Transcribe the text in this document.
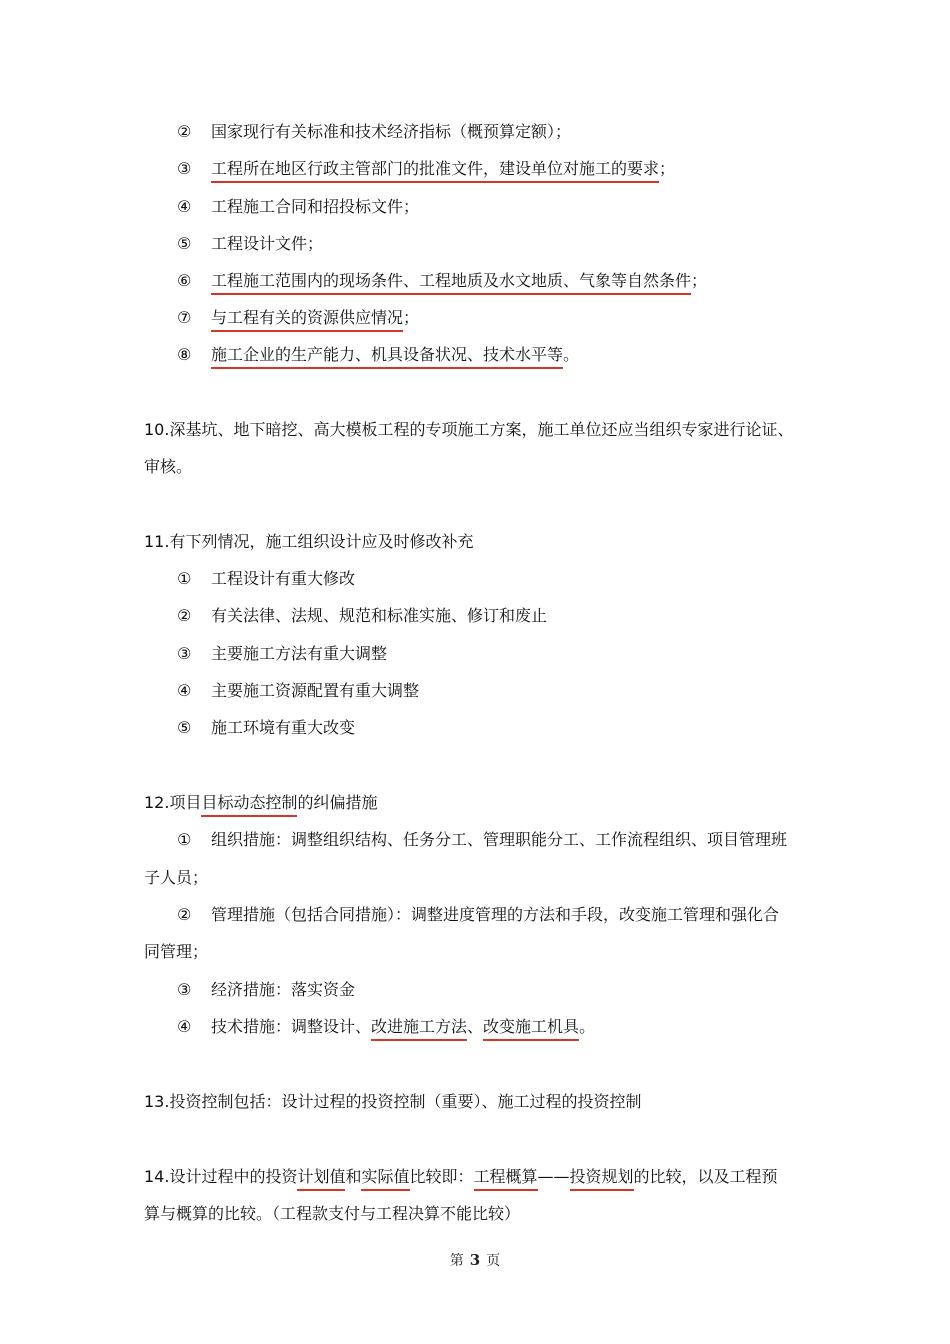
② 国家现行有关标准和技术经济指标（概预算定额）；
③ 工程所在地区行政主管部门的批准文件，建设单位对施工的要求；
④ 工程施工合同和招投标文件；
⑤ 工程设计文件；
⑥ 工程施工范围内的现场条件、工程地质及水文地质、气象等自然条件；
⑦ 与工程有关的资源供应情况；
⑧ 施工企业的生产能力、机具设备状况、技术水平等。
10.深基坑、地下暗挖、高大模板工程的专项施工方案，施工单位还应当组织专家进行论证、
审核。
11.有下列情况，施工组织设计应及时修改补充
① 工程设计有重大修改
② 有关法律、法规、规范和标准实施、修订和废止
③ 主要施工方法有重大调整
④ 主要施工资源配置有重大调整
⑤ 施工环境有重大改变
12.项目目标动态控制的纠偏措施
① 组织措施：调整组织结构、任务分工、管理职能分工、工作流程组织、项目管理班
子人员；
② 管理措施（包括合同措施）：调整进度管理的方法和手段，改变施工管理和强化合
同管理；
③ 经济措施：落实资金
④ 技术措施：调整设计、改进施工方法、改变施工机具。
13.投资控制包括：设计过程的投资控制（重要）、施工过程的投资控制
14.设计过程中的投资计划值和实际值比较即：工程概算——投资规划的比较，以及工程预
算与概算的比较。（工程款支付与工程决算不能比较）
第 3 页
